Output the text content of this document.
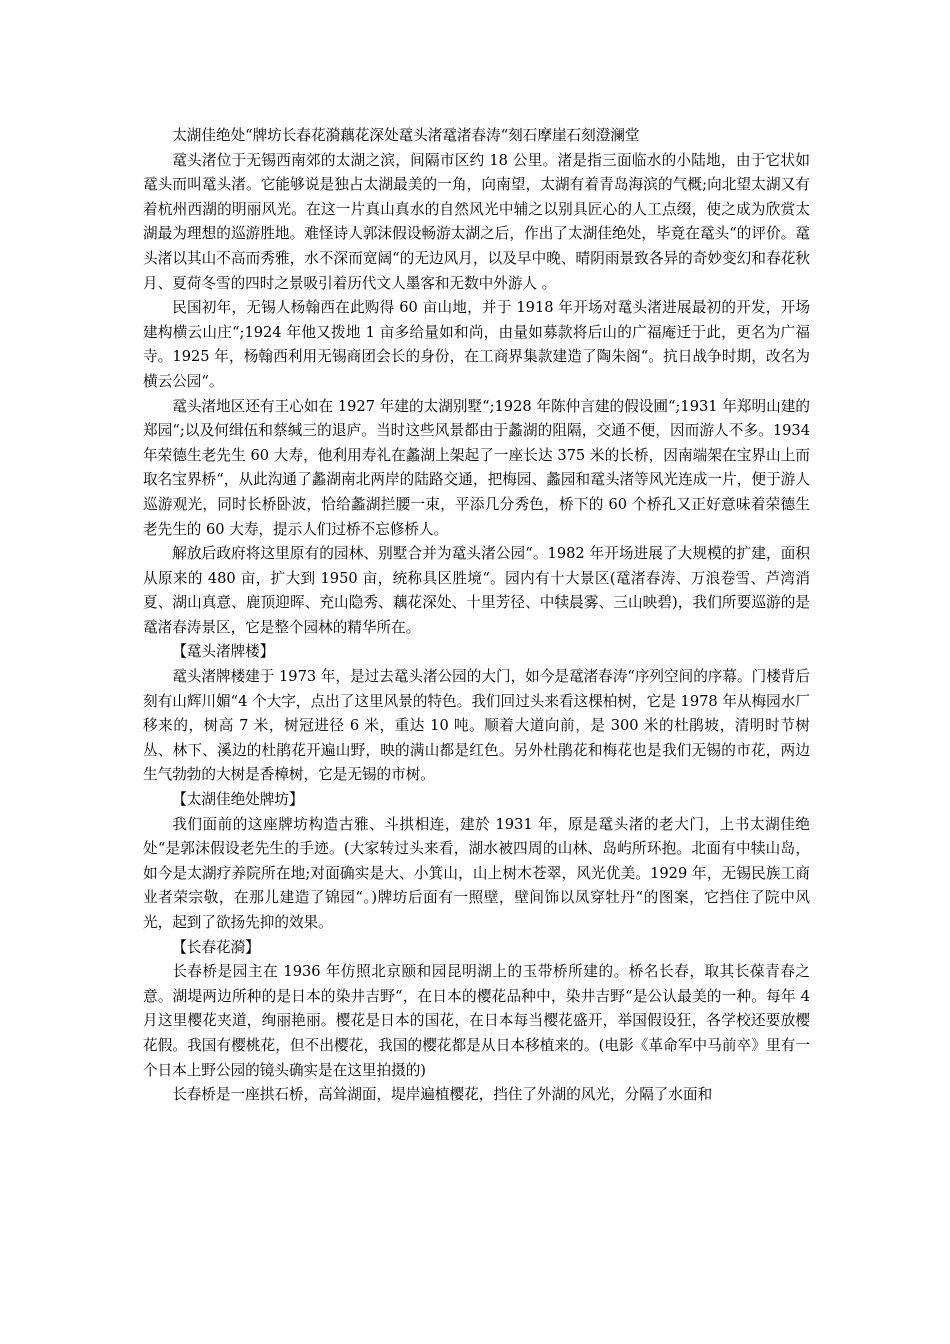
太湖佳绝处“牌坊长春花漪藕花深处鼋头渚鼋渚春涛“刻石摩崖石刻澄澜堂

鼋头渚位于无锡西南郊的太湖之滨，间隔市区约 18 公里。渚是指三面临水的小陆地，由于它状如鼋头而叫鼋头渚。它能够说是独占太湖最美的一角，向南望，太湖有着青岛海滨的气概;向北望太湖又有着杭州西湖的明丽风光。在这一片真山真水的自然风光中辅之以别具匠心的人工点缀，使之成为欣赏太湖最为理想的巡游胜地。难怪诗人郭沫假设畅游太湖之后，作出了太湖佳绝处，毕竟在鼋头“的评价。鼋头渚以其山不高而秀雅，水不深而宽阔“的无边风月，以及早中晚、晴阴雨景致各异的奇妙变幻和春花秋月、夏荷冬雪的四时之景吸引着历代文人墨客和无数中外游人 。

民国初年，无锡人杨翰西在此购得 60 亩山地，并于 1918 年开场对鼋头渚进展最初的开发，开场建构横云山庄“;1924 年他又拨地 1 亩多给量如和尚，由量如募款将后山的广福庵迁于此，更名为广福寺。1925 年，杨翰西利用无锡商团会长的身份，在工商界集款建造了陶朱阁“。抗日战争时期，改名为横云公园“。

鼋头渚地区还有王心如在 1927 年建的太湖别墅“;1928 年陈仲言建的假设圃“;1931 年郑明山建的郑园“;以及何缉伍和蔡缄三的退庐。当时这些风景都由于蠡湖的阻隔，交通不便，因而游人不多。1934 年荣德生老先生 60 大寿，他利用寿礼在蠡湖上架起了一座长达 375 米的长桥，因南端架在宝界山上而取名宝界桥“，从此沟通了蠡湖南北两岸的陆路交通，把梅园、蠡园和鼋头渚等风光连成一片，便于游人巡游观光，同时长桥卧波，恰给蠡湖拦腰一束，平添几分秀色，桥下的 60 个桥孔又正好意味着荣德生老先生的 60 大寿，提示人们过桥不忘修桥人。

解放后政府将这里原有的园林、别墅合并为鼋头渚公园“。1982 年开场进展了大规模的扩建，面积从原来的 480 亩，扩大到 1950 亩，统称具区胜境“。园内有十大景区(鼋渚春涛、万浪卷雪、芦湾消夏、湖山真意、鹿顶迎晖、充山隐秀、藕花深处、十里芳径、中犊晨雾、三山映碧)，我们所要巡游的是鼋渚春涛景区，它是整个园林的精华所在。

【鼋头渚牌楼】

鼋头渚牌楼建于 1973 年，是过去鼋头渚公园的大门，如今是鼋渚春涛“序列空间的序幕。门楼背后刻有山辉川媚“4 个大字，点出了这里风景的特色。我们回过头来看这棵柏树，它是 1978 年从梅园水厂移来的，树高 7 米，树冠进径 6 米，重达 10 吨。顺着大道向前，是 300 米的杜鹃坡，清明时节树丛、林下、溪边的杜鹃花开遍山野，映的满山都是红色。另外杜鹃花和梅花也是我们无锡的市花，两边生气勃勃的大树是香樟树，它是无锡的市树。

【太湖佳绝处牌坊】

我们面前的这座牌坊构造古雅、斗拱相连，建於 1931 年，原是鼋头渚的老大门，上书太湖佳绝处“是郭沫假设老先生的手迹。(大家转过头来看，湖水被四周的山林、岛屿所环抱。北面有中犊山岛，如今是太湖疗养院所在地;对面确实是大、小箕山，山上树木苍翠，风光优美。1929 年，无锡民族工商业者荣宗敬，在那儿建造了锦园“。)牌坊后面有一照壁，壁间饰以凤穿牡丹“的图案，它挡住了院中风光，起到了欲扬先抑的效果。

【长春花漪】

长春桥是园主在 1936 年仿照北京颐和园昆明湖上的玉带桥所建的。桥名长春，取其长葆青春之意。湖堤两边所种的是日本的染井吉野“，在日本的樱花品种中，染井吉野“是公认最美的一种。每年 4 月这里樱花夹道，绚丽艳丽。樱花是日本的国花，在日本每当樱花盛开，举国假设狂，各学校还要放樱花假。我国有樱桃花，但不出樱花，我国的樱花都是从日本移植来的。(电影《革命军中马前卒》里有一个日本上野公园的镜头确实是在这里拍摄的)

长春桥是一座拱石桥，高耸湖面，堤岸遍植樱花，挡住了外湖的风光，分隔了水面和
